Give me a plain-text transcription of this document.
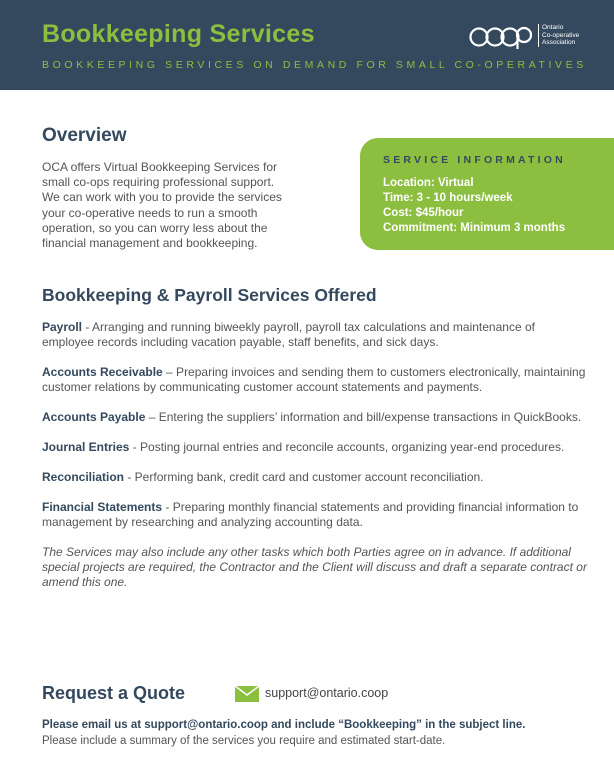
Bookkeeping Services
BOOKKEEPING SERVICES ON DEMAND FOR SMALL CO-OPERATIVES
Ontario
Co-operative
Association
Overview
OCA offers Virtual Bookkeeping Services for
small co-ops requiring professional support.
We can work with you to provide the services
your co-operative needs to run a smooth
operation, so you can worry less about the
financial management and bookkeeping.
SERVICE INFORMATION
Location: Virtual
Time: 3 - 10 hours/week
Cost: $45/hour
Commitment: Minimum 3 months
Bookkeeping & Payroll Services Offered

Payroll - Arranging and running biweekly payroll, payroll tax calculations and maintenance of employee records including vacation payable, staff benefits, and sick days.

Accounts Receivable – Preparing invoices and sending them to customers electronically, maintaining customer relations by communicating customer account statements and payments.

Accounts Payable – Entering the suppliers’ information and bill/expense transactions in QuickBooks.

Journal Entries - Posting journal entries and reconcile accounts, organizing year-end procedures.

Reconciliation - Performing bank, credit card and customer account reconciliation.

Financial Statements - Preparing monthly financial statements and providing financial information to management by researching and analyzing accounting data.

The Services may also include any other tasks which both Parties agree on in advance. If additional special projects are required, the Contractor and the Client will discuss and draft a separate contract or amend this one.

Request a Quote	support@ontario.coop
Please email us at support@ontario.coop and include “Bookkeeping” in the subject line.
Please include a summary of the services you require and estimated start-date.
